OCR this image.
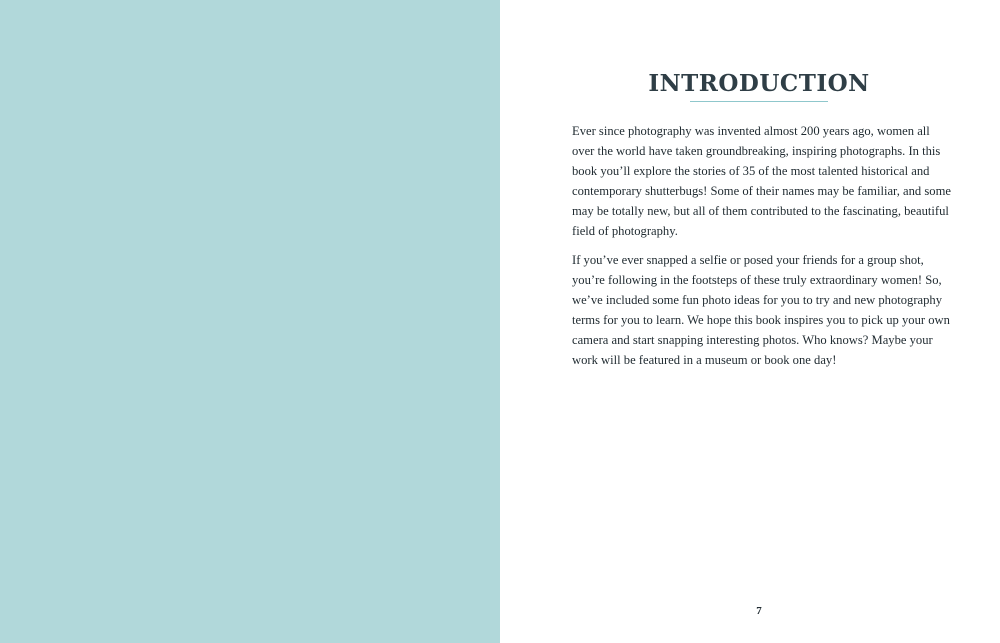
INTRODUCTION

Ever since photography was invented almost 200 years ago, women all over the world have taken groundbreaking, inspiring photographs. In this book you’ll explore the stories of 35 of the most talented historical and contemporary shutterbugs! Some of their names may be familiar, and some may be totally new, but all of them contributed to the fascinating, beautiful field of photography.

If you’ve ever snapped a selfie or posed your friends for a group shot, you’re following in the footsteps of these truly extraordinary women! So, we’ve included some fun photo ideas for you to try and new photography terms for you to learn. We hope this book inspires you to pick up your own camera and start snapping interesting photos. Who knows? Maybe your work will be featured in a museum or book one day!

7
